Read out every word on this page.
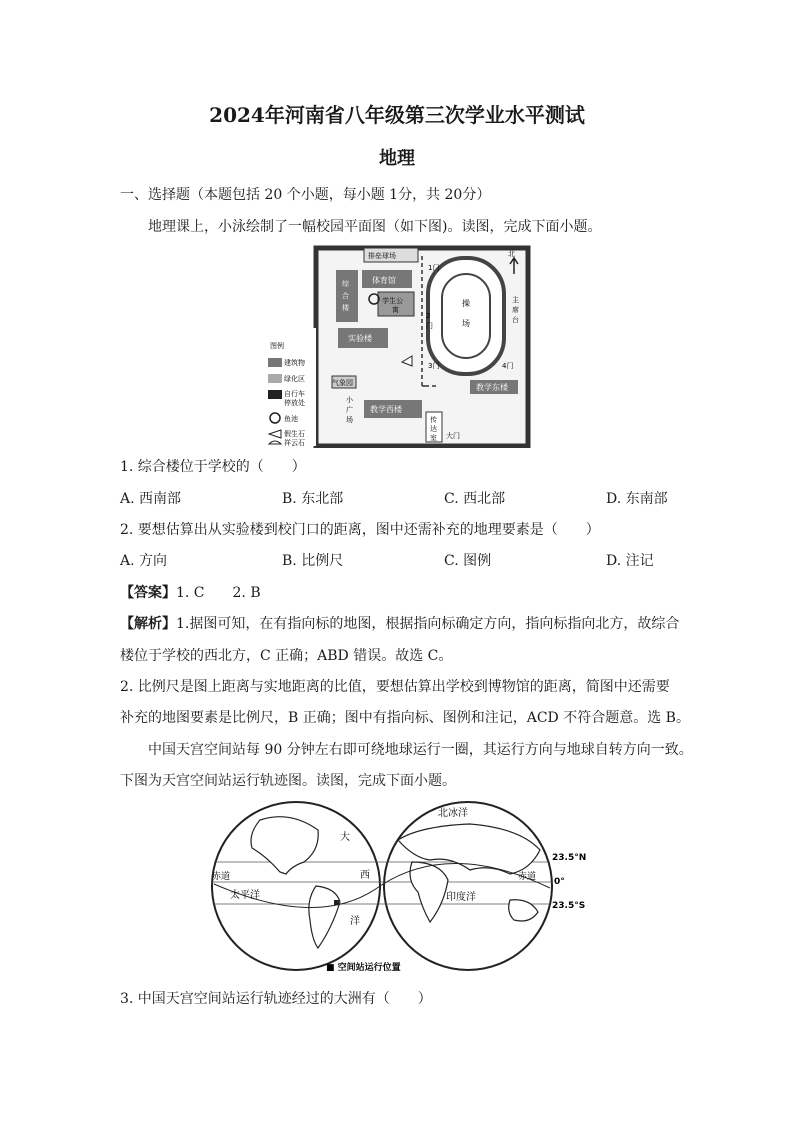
2024年河南省八年级第三次学业水平测试
地理
一、选择题（本题包括 20 个小题，每小题 1分，共 20分）
地理课上，小泳绘制了一幅校园平面图（如下图)。读图，完成下面小题。
排垒球场
体育馆
综
合
楼
学生公
寓
实验楼
操
场
主
席
台
气象园
小
广
场
教学西楼
教学东楼
传
达
室 大门
北
1门
2
门
3门	4门
图例
建筑物
绿化区
自行车
停放处
鱼池
假生石
祥云石
1. 综合楼位于学校的（　　）
A. 西南部	B. 东北部	C. 西北部	D. 东南部
2. 要想估算出从实验楼到校门口的距离，图中还需补充的地理要素是（　　）
A. 方向	B. 比例尺	C. 图例	D. 注记
【答案】1. C　　2. B
【解析】1.据图可知，在有指向标的地图，根据指向标确定方向，指向标指向北方，故综合
楼位于学校的西北方，C 正确；ABD 错误。故选 C。
2. 比例尺是图上距离与实地距离的比值，要想估算出学校到博物馆的距离，简图中还需要
补充的地图要素是比例尺，B 正确；图中有指向标、图例和注记，ACD 不符合题意。选 B。
中国天宫空间站每 90 分钟左右即可绕地球运行一圈，其运行方向与地球自转方向一致。
下图为天宫空间站运行轨迹图。读图，完成下面小题。
大
西
洋
太平洋
赤道	赤道
北冰洋
印度洋
23.5°N
0°
23.5°S
■ 空间站运行位置
3. 中国天宫空间站运行轨迹经过的大洲有（　　）
